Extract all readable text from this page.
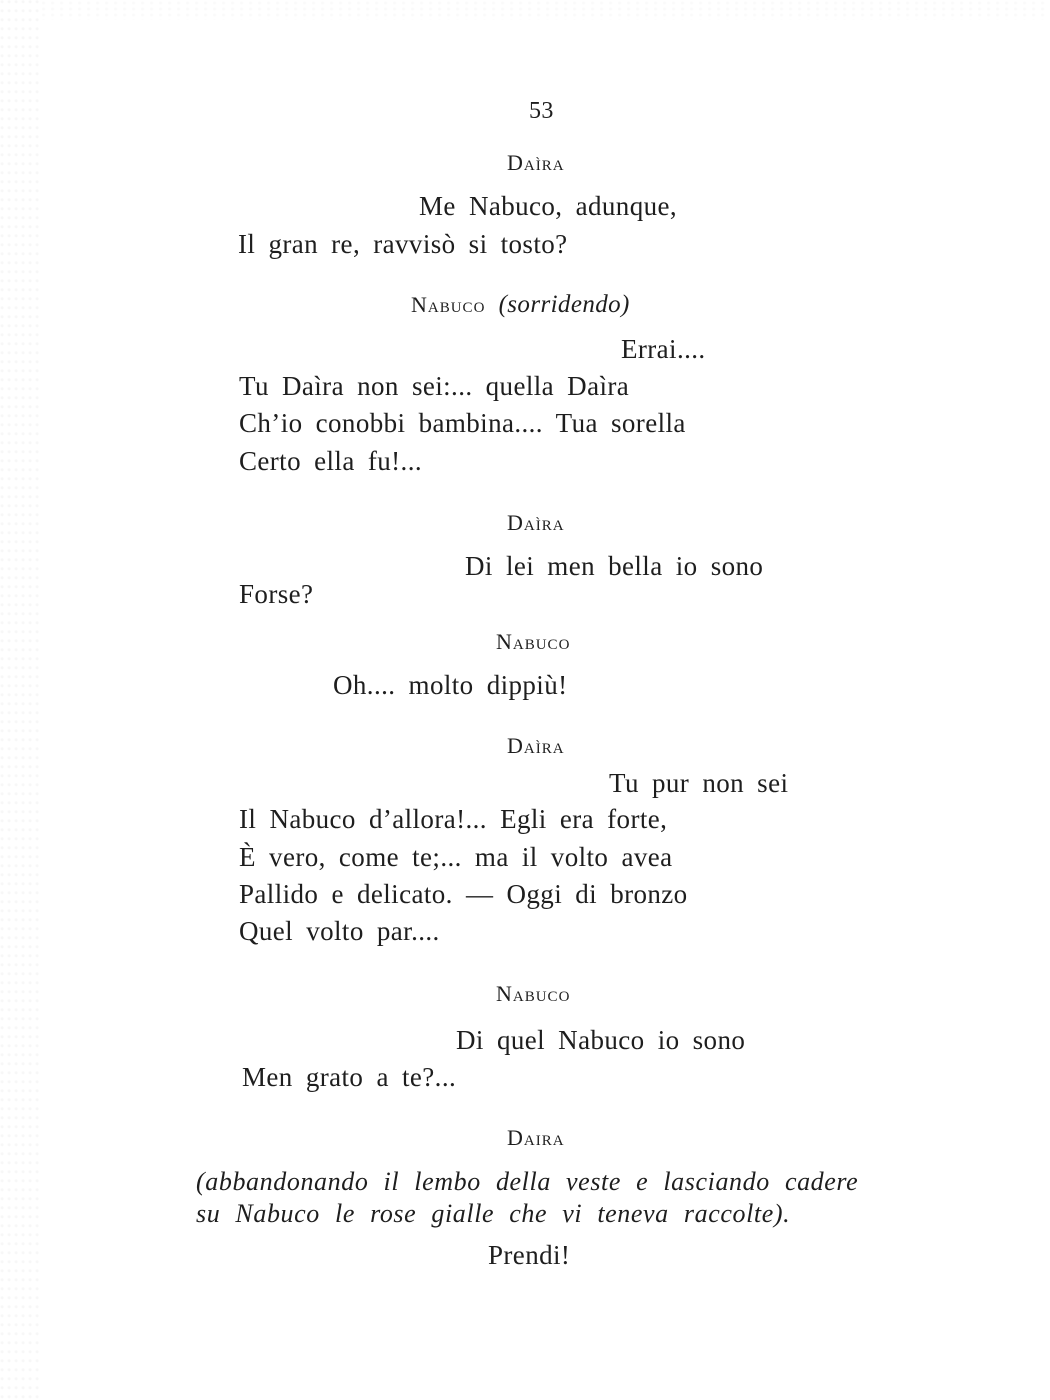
53
Daìra
Me Nabuco, adunque,
Il gran re, ravvisò si tosto?
Nabuco (sorridendo)
Errai....
Tu Daìra non sei:... quella Daìra
Ch’io conobbi bambina.... Tua sorella
Certo ella fu!...
Daìra
Di lei men bella io sono
Forse?
Nabuco
Oh.... molto dippiù!
Daìra
Tu pur non sei
Il Nabuco d’allora!... Egli era forte,
È vero, come te;... ma il volto avea
Pallido e delicato. — Oggi di bronzo
Quel volto par....
Nabuco
Di quel Nabuco io sono
Men grato a te?...
Daira
(abbandonando il lembo della veste e lasciando cadere
su Nabuco le rose gialle che vi teneva raccolte).
Prendi!
